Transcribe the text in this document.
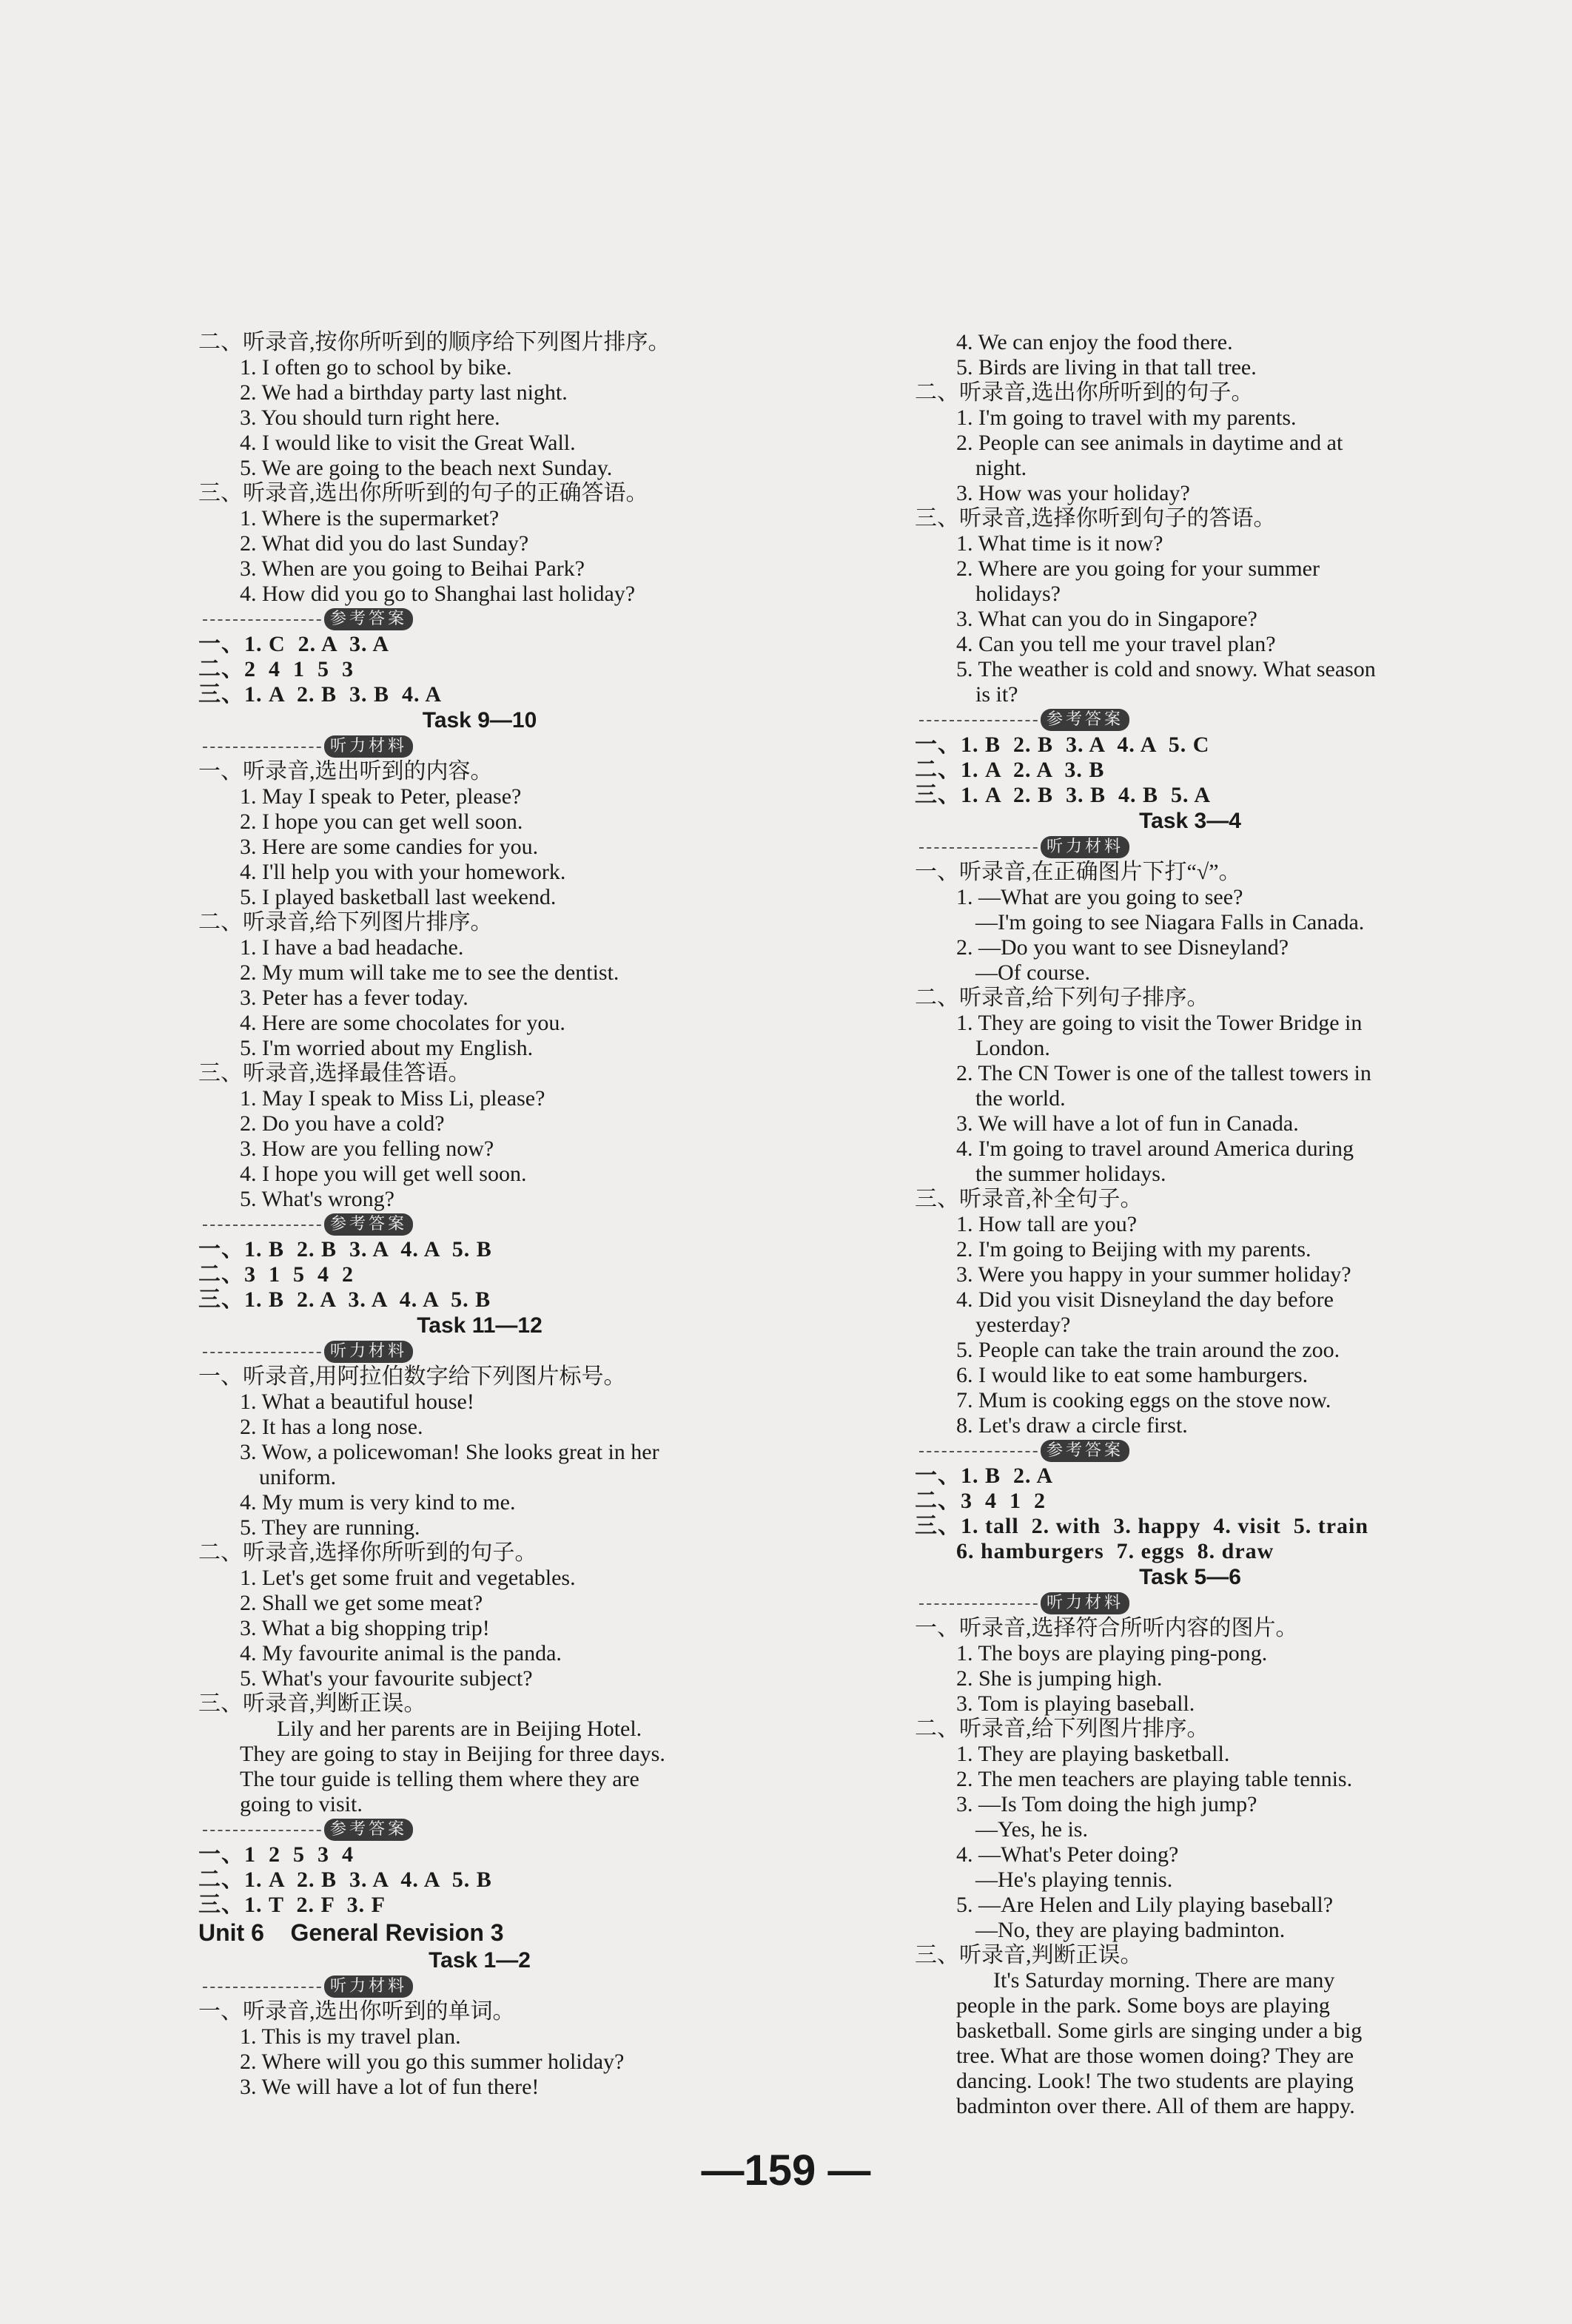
二、听录音,按你所听到的顺序给下列图片排序。
1. I often go to school by bike.
2. We had a birthday party last night.
3. You should turn right here.
4. I would like to visit the Great Wall.
5. We are going to the beach next Sunday.
三、听录音,选出你所听到的句子的正确答语。
1. Where is the supermarket?
2. What did you do last Sunday?
3. When are you going to Beihai Park?
4. How did you go to Shanghai last holiday?
参考答案
一、1. C  2. A  3. A
二、2  4  1  5  3
三、1. A  2. B  3. B  4. A
Task 9—10
听力材料
一、听录音,选出听到的内容。
1. May I speak to Peter, please?
2. I hope you can get well soon.
3. Here are some candies for you.
4. I'll help you with your homework.
5. I played basketball last weekend.
二、听录音,给下列图片排序。
1. I have a bad headache.
2. My mum will take me to see the dentist.
3. Peter has a fever today.
4. Here are some chocolates for you.
5. I'm worried about my English.
三、听录音,选择最佳答语。
1. May I speak to Miss Li, please?
2. Do you have a cold?
3. How are you felling now?
4. I hope you will get well soon.
5. What's wrong?
参考答案
一、1. B  2. B  3. A  4. A  5. B
二、3  1  5  4  2
三、1. B  2. A  3. A  4. A  5. B
Task 11—12
听力材料
一、听录音,用阿拉伯数字给下列图片标号。
1. What a beautiful house!
2. It has a long nose.
3. Wow, a policewoman! She looks great in her
uniform.
4. My mum is very kind to me.
5. They are running.
二、听录音,选择你所听到的句子。
1. Let's get some fruit and vegetables.
2. Shall we get some meat?
3. What a big shopping trip!
4. My favourite animal is the panda.
5. What's your favourite subject?
三、听录音,判断正误。
Lily and her parents are in Beijing Hotel.
They are going to stay in Beijing for three days.
The tour guide is telling them where they are
going to visit.
参考答案
一、1  2  5  3  4
二、1. A  2. B  3. A  4. A  5. B
三、1. T  2. F  3. F
Unit 6    General Revision 3
Task 1—2
听力材料
一、听录音,选出你听到的单词。
1. This is my travel plan.
2. Where will you go this summer holiday?
3. We will have a lot of fun there!
4. We can enjoy the food there.
5. Birds are living in that tall tree.
二、听录音,选出你所听到的句子。
1. I'm going to travel with my parents.
2. People can see animals in daytime and at
night.
3. How was your holiday?
三、听录音,选择你听到句子的答语。
1. What time is it now?
2. Where are you going for your summer
holidays?
3. What can you do in Singapore?
4. Can you tell me your travel plan?
5. The weather is cold and snowy. What season
is it?
参考答案
一、1. B  2. B  3. A  4. A  5. C
二、1. A  2. A  3. B
三、1. A  2. B  3. B  4. B  5. A
Task 3—4
听力材料
一、听录音,在正确图片下打“√”。
1. —What are you going to see?
—I'm going to see Niagara Falls in Canada.
2. —Do you want to see Disneyland?
—Of course.
二、听录音,给下列句子排序。
1. They are going to visit the Tower Bridge in
London.
2. The CN Tower is one of the tallest towers in
the world.
3. We will have a lot of fun in Canada.
4. I'm going to travel around America during
the summer holidays.
三、听录音,补全句子。
1. How tall are you?
2. I'm going to Beijing with my parents.
3. Were you happy in your summer holiday?
4. Did you visit Disneyland the day before
yesterday?
5. People can take the train around the zoo.
6. I would like to eat some hamburgers.
7. Mum is cooking eggs on the stove now.
8. Let's draw a circle first.
参考答案
一、1. B  2. A
二、3  4  1  2
三、1. tall  2. with  3. happy  4. visit  5. train
6. hamburgers  7. eggs  8. draw
Task 5—6
听力材料
一、听录音,选择符合所听内容的图片。
1. The boys are playing ping-pong.
2. She is jumping high.
3. Tom is playing baseball.
二、听录音,给下列图片排序。
1. They are playing basketball.
2. The men teachers are playing table tennis.
3. —Is Tom doing the high jump?
—Yes, he is.
4. —What's Peter doing?
—He's playing tennis.
5. —Are Helen and Lily playing baseball?
—No, they are playing badminton.
三、听录音,判断正误。
It's Saturday morning. There are many
people in the park. Some boys are playing
basketball. Some girls are singing under a big
tree. What are those women doing? They are
dancing. Look! The two students are playing
badminton over there. All of them are happy.
—159 —
